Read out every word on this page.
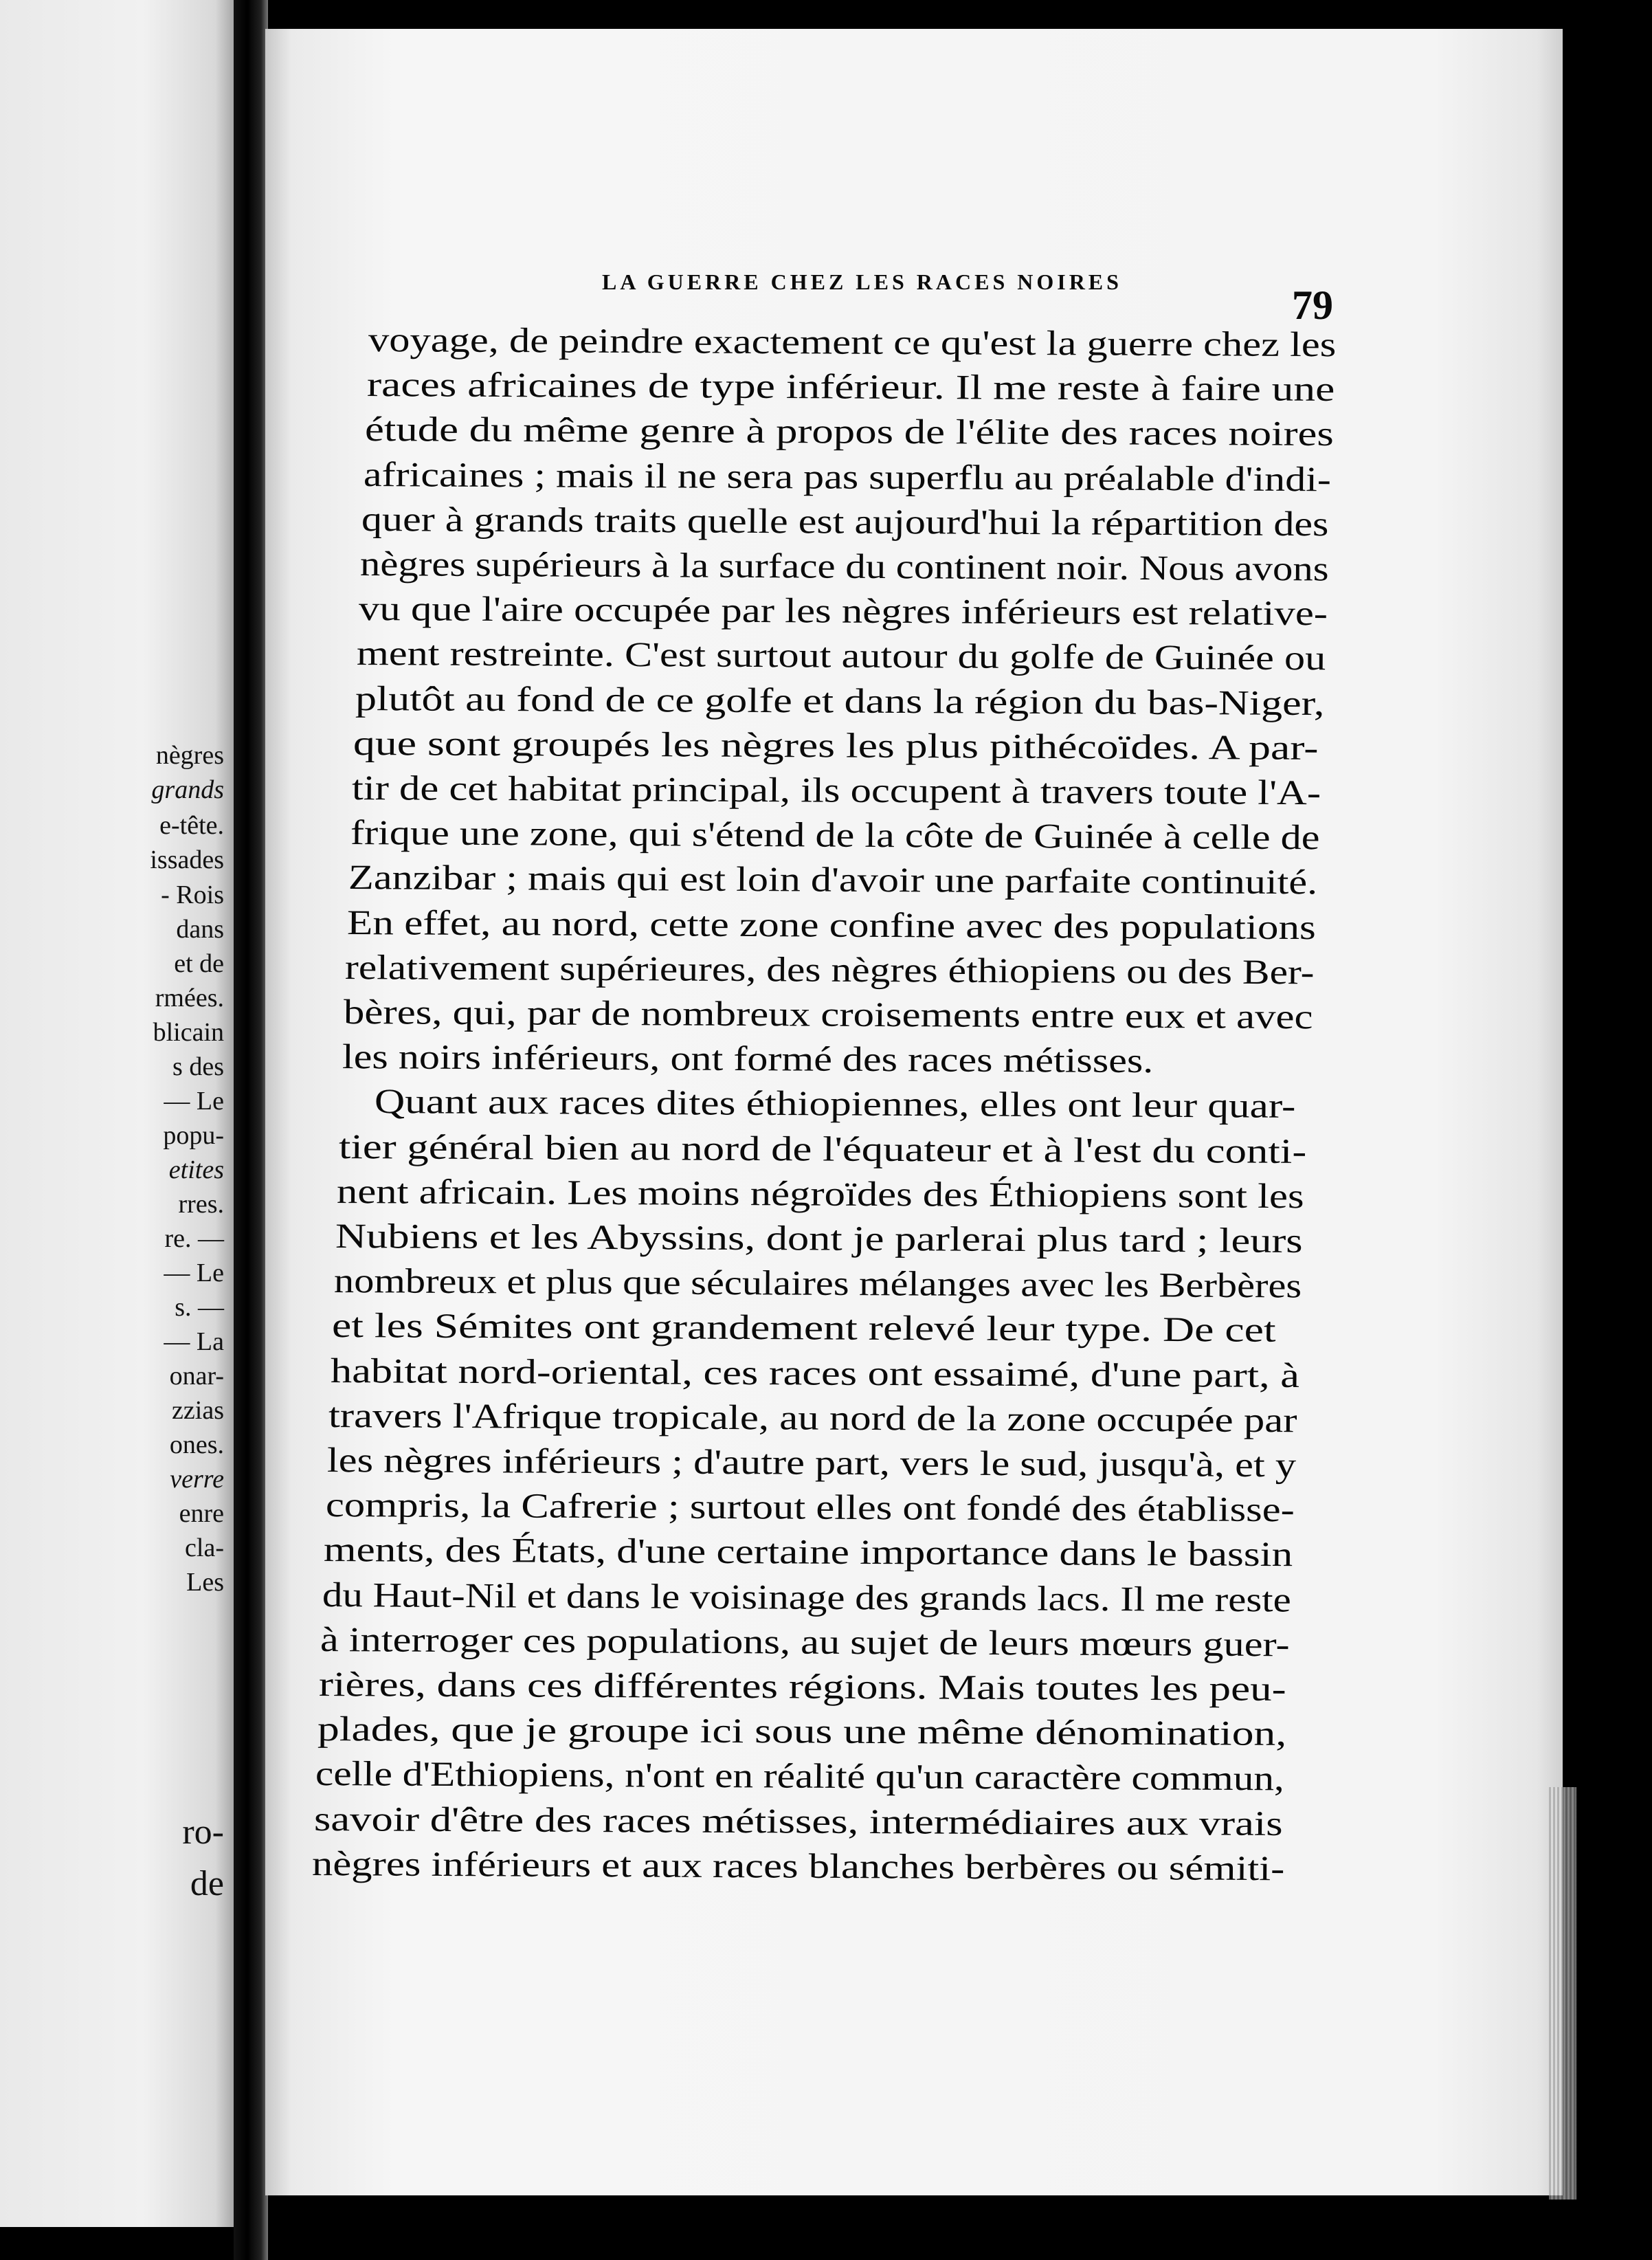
nègres
grands
e-tête.
issades
- Rois
dans
et de
rmées.
blicain
s des
— Le
popu-
etites
rres.
re. —
— Le
s. —
— La
onar-
zzias
ones.
verre
enre
cla-
Les
ro-
de
LA GUERRE CHEZ LES RACES NOIRES
79
voyage, de peindre exactement ce qu'est la guerre chez les
races africaines de type inférieur. Il me reste à faire une
étude du même genre à propos de l'élite des races noires
africaines ; mais il ne sera pas superflu au préalable d'indi-
quer à grands traits quelle est aujourd'hui la répartition des
nègres supérieurs à la surface du continent noir. Nous avons
vu que l'aire occupée par les nègres inférieurs est relative-
ment restreinte. C'est surtout autour du golfe de Guinée ou
plutôt au fond de ce golfe et dans la région du bas-Niger,
que sont groupés les nègres les plus pithécoïdes. A par-
tir de cet habitat principal, ils occupent à travers toute l'A-
frique une zone, qui s'étend de la côte de Guinée à celle de
Zanzibar ; mais qui est loin d'avoir une parfaite continuité.
En effet, au nord, cette zone confine avec des populations
relativement supérieures, des nègres éthiopiens ou des Ber-
bères, qui, par de nombreux croisements entre eux et avec
les noirs inférieurs, ont formé des races métisses.
Quant aux races dites éthiopiennes, elles ont leur quar-
tier général bien au nord de l'équateur et à l'est du conti-
nent africain. Les moins négroïdes des Éthiopiens sont les
Nubiens et les Abyssins, dont je parlerai plus tard ; leurs
nombreux et plus que séculaires mélanges avec les Berbères
et les Sémites ont grandement relevé leur type. De cet
habitat nord-oriental, ces races ont essaimé, d'une part, à
travers l'Afrique tropicale, au nord de la zone occupée par
les nègres inférieurs ; d'autre part, vers le sud, jusqu'à, et y
compris, la Cafrerie ; surtout elles ont fondé des établisse-
ments, des États, d'une certaine importance dans le bassin
du Haut-Nil et dans le voisinage des grands lacs. Il me reste
à interroger ces populations, au sujet de leurs mœurs guer-
rières, dans ces différentes régions. Mais toutes les peu-
plades, que je groupe ici sous une même dénomination,
celle d'Ethiopiens, n'ont en réalité qu'un caractère commun,
savoir d'être des races métisses, intermédiaires aux vrais
nègres inférieurs et aux races blanches berbères ou sémiti-
